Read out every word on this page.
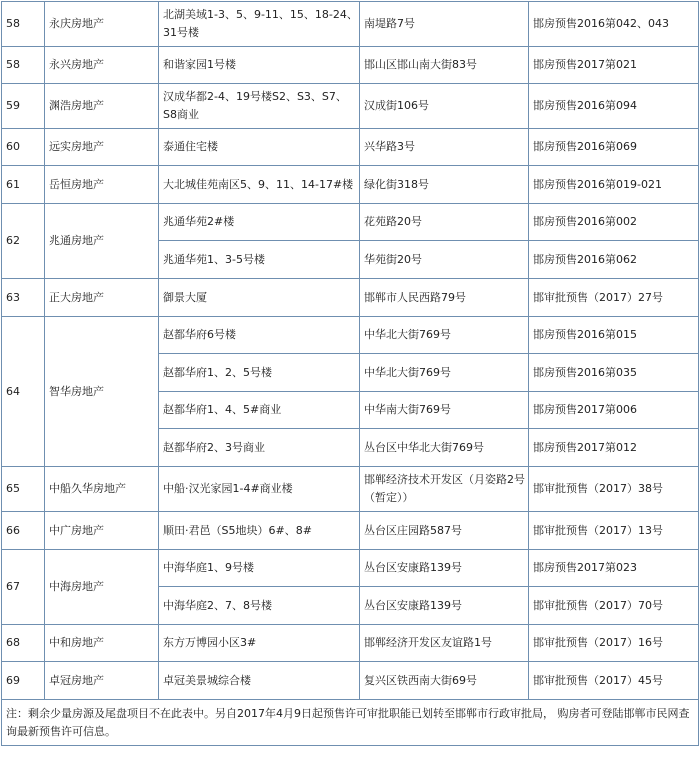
58	永庆房地产	北湖美域1-3、5、9-11、15、18-24、31号楼	南堤路7号	邯房预售2016第042、043
58	永兴房地产	和谐家园1号楼	邯山区邯山南大街83号	邯房预售2017第021
59	渊浩房地产	汉成华都2-4、19号楼S2、S3、S7、S8商业	汉成街106号	邯房预售2016第094
60	远实房地产	泰通住宅楼	兴华路3号	邯房预售2016第069
61	岳恒房地产	大北城佳苑南区5、9、11、14-17#楼	绿化街318号	邯房预售2016第019-021
62	兆通房地产	兆通华苑2#楼	花苑路20号	邯房预售2016第002
		兆通华苑1、3-5号楼	华苑街20号	邯房预售2016第062
63	正大房地产	御景大厦	邯郸市人民西路79号	邯审批预售（2017）27号
64	智华房地产	赵都华府6号楼	中华北大街769号	邯房预售2016第015
		赵都华府1、2、5号楼	中华北大街769号	邯房预售2016第035
		赵都华府1、4、5#商业	中华南大街769号	邯房预售2017第006
		赵都华府2、3号商业	丛台区中华北大街769号	邯房预售2017第012
65	中船久华房地产	中船·汉光家园1-4#商业楼	邯郸经济技术开发区（月姿路2号（暂定））	邯审批预售（2017）38号
66	中广房地产	顺田·君邑（S5地块）6#、8#	丛台区庄园路587号	邯审批预售（2017）13号
67	中海房地产	中海华庭1、9号楼	丛台区安康路139号	邯房预售2017第023
		中海华庭2、7、8号楼	丛台区安康路139号	邯审批预售（2017）70号
68	中和房地产	东方万博园小区3#	邯郸经济开发区友谊路1号	邯审批预售（2017）16号
69	卓冠房地产	卓冠美景城综合楼	复兴区铁西南大街69号	邯审批预售（2017）45号
注：剩余少量房源及尾盘项目不在此表中。另自2017年4月9日起预售许可审批职能已划转至邯郸市行政审批局， 购房者可登陆邯郸市民网查询最新预售许可信息。				
